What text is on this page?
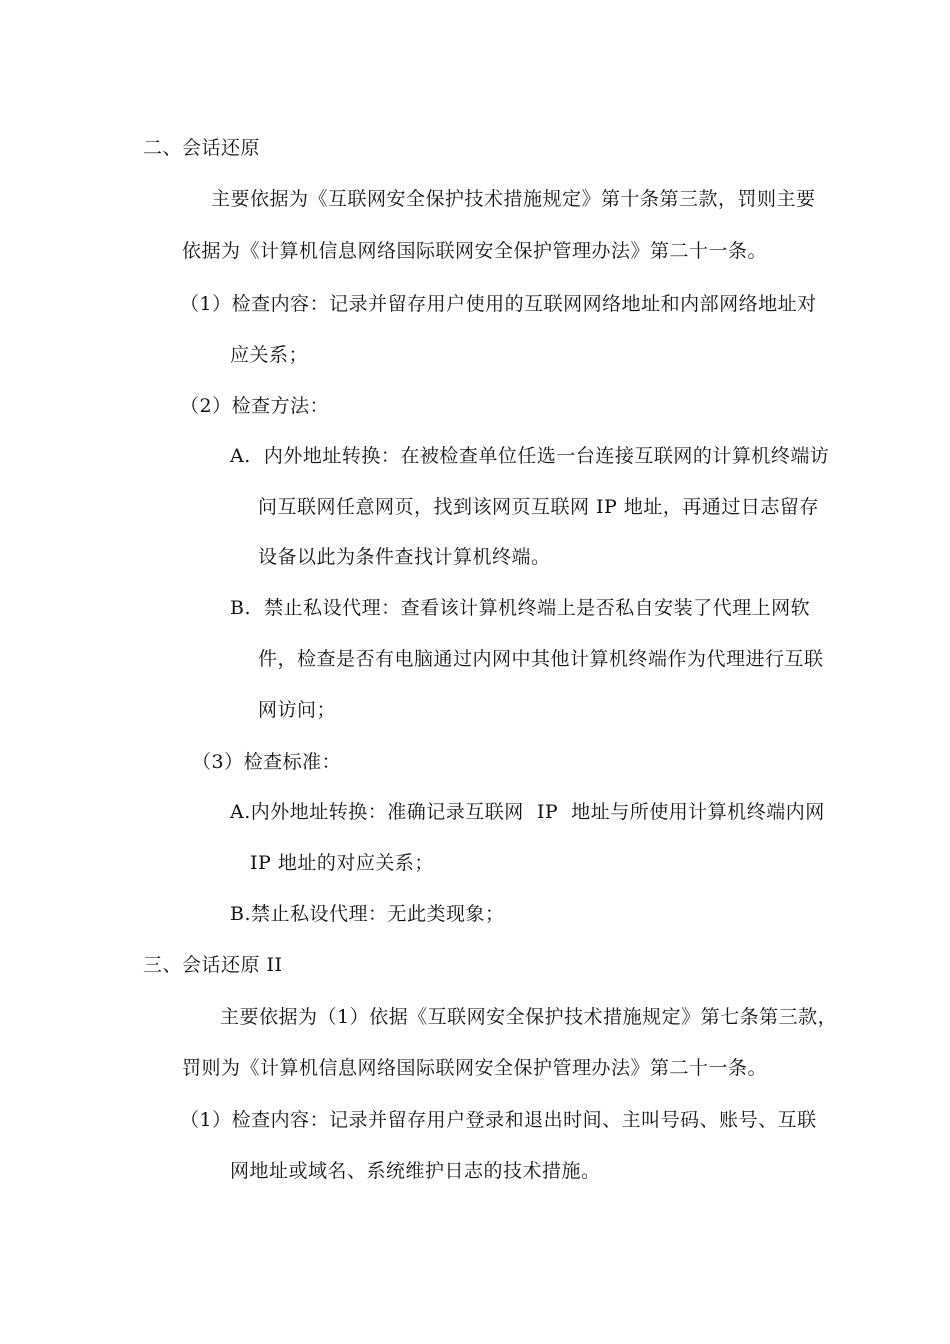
二、会话还原
主要依据为《互联网安全保护技术措施规定》第十条第三款，罚则主要
依据为《计算机信息网络国际联网安全保护管理办法》第二十一条。
（1）检查内容：记录并留存用户使用的互联网网络地址和内部网络地址对
应关系；
（2）检查方法：
A.  内外地址转换：在被检查单位任选一台连接互联网的计算机终端访
问互联网任意网页，找到该网页互联网 IP 地址，再通过日志留存
设备以此为条件查找计算机终端。
B.  禁止私设代理：查看该计算机终端上是否私自安装了代理上网软
件，检查是否有电脑通过内网中其他计算机终端作为代理进行互联
网访问；
（3）检查标准：
A.内外地址转换：准确记录互联网  IP  地址与所使用计算机终端内网
IP 地址的对应关系；
B.禁止私设代理：无此类现象；
三、会话还原 II
主要依据为（1）依据《互联网安全保护技术措施规定》第七条第三款，
罚则为《计算机信息网络国际联网安全保护管理办法》第二十一条。
（1）检查内容：记录并留存用户登录和退出时间、主叫号码、账号、互联
网地址或域名、系统维护日志的技术措施。
